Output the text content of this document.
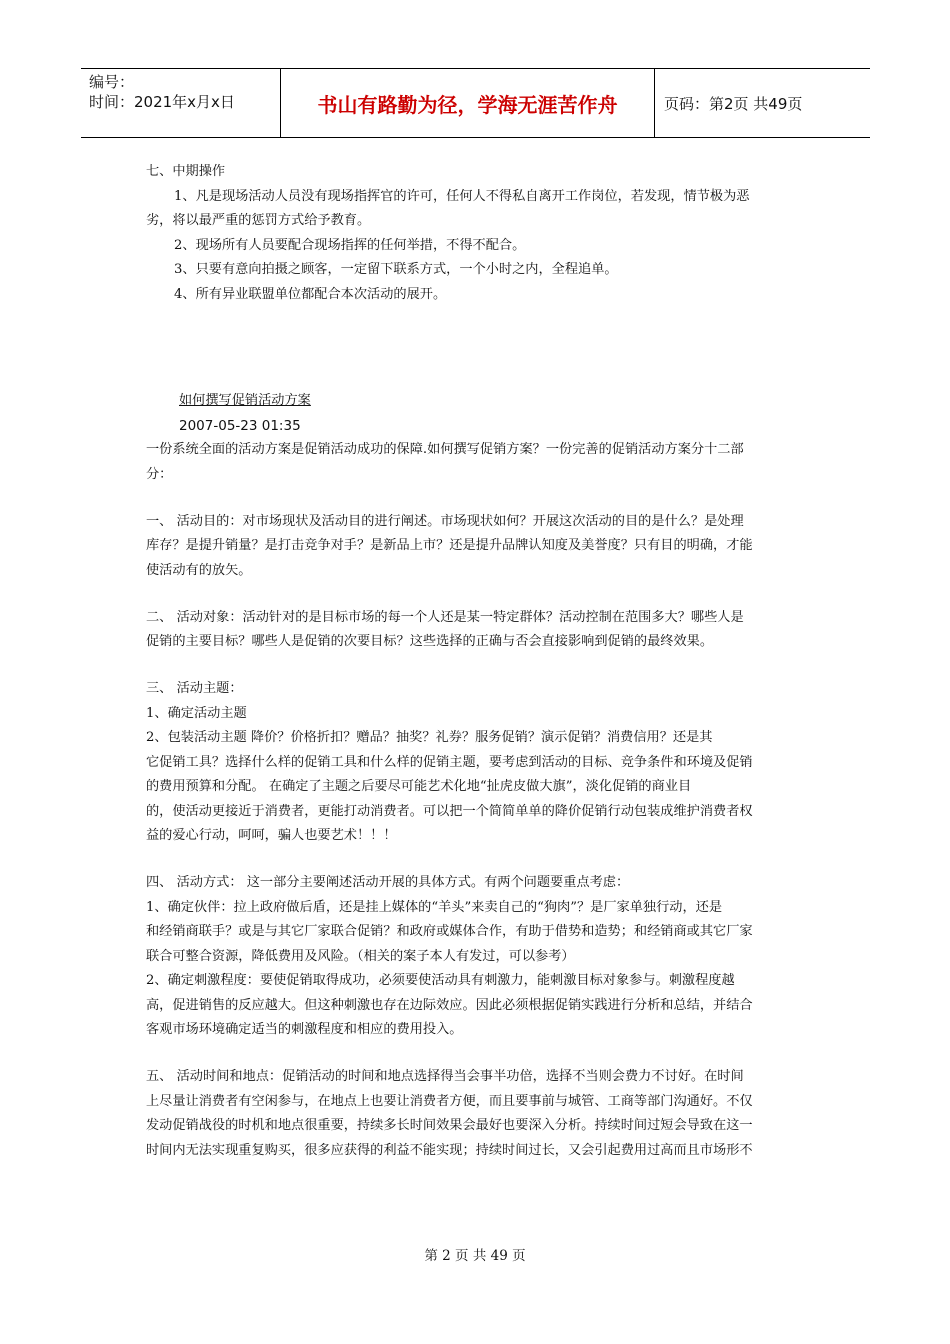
编号：
时间：2021年x月x日	书山有路勤为径，学海无涯苦作舟	页码：第2页 共49页
七、中期操作
1、凡是现场活动人员没有现场指挥官的许可，任何人不得私自离开工作岗位，若发现，情节极为恶
劣，将以最严重的惩罚方式给予教育。
2、现场所有人员要配合现场指挥的任何举措，不得不配合。
3、只要有意向拍摄之顾客，一定留下联系方式，一个小时之内，全程追单。
4、所有异业联盟单位都配合本次活动的展开。
如何撰写促销活动方案
2007-05-23 01:35
一份系统全面的活动方案是促销活动成功的保障.如何撰写促销方案？一份完善的促销活动方案分十二部
分：
一、 活动目的：对市场现状及活动目的进行阐述。市场现状如何？开展这次活动的目的是什么？是处理
库存？是提升销量？是打击竞争对手？是新品上市？还是提升品牌认知度及美誉度？只有目的明确，才能
使活动有的放矢。
二、 活动对象：活动针对的是目标市场的每一个人还是某一特定群体？活动控制在范围多大？哪些人是
促销的主要目标？哪些人是促销的次要目标？这些选择的正确与否会直接影响到促销的最终效果。
三、 活动主题：
1、确定活动主题
2、包装活动主题 降价？价格折扣？赠品？抽奖？礼券？服务促销？演示促销？消费信用？还是其
它促销工具？选择什么样的促销工具和什么样的促销主题，要考虑到活动的目标、竞争条件和环境及促销
的费用预算和分配。 在确定了主题之后要尽可能艺术化地“扯虎皮做大旗”，淡化促销的商业目
的，使活动更接近于消费者，更能打动消费者。可以把一个简简单单的降价促销行动包装成维护消费者权
益的爱心行动，呵呵，骗人也要艺术！！！
四、 活动方式： 这一部分主要阐述活动开展的具体方式。有两个问题要重点考虑：
1、确定伙伴：拉上政府做后盾，还是挂上媒体的“羊头”来卖自己的“狗肉”？是厂家单独行动，还是
和经销商联手？或是与其它厂家联合促销？和政府或媒体合作，有助于借势和造势；和经销商或其它厂家
联合可整合资源，降低费用及风险。（相关的案子本人有发过，可以参考）
2、确定刺激程度：要使促销取得成功，必须要使活动具有刺激力，能刺激目标对象参与。刺激程度越
高，促进销售的反应越大。但这种刺激也存在边际效应。因此必须根据促销实践进行分析和总结，并结合
客观市场环境确定适当的刺激程度和相应的费用投入。
五、 活动时间和地点：促销活动的时间和地点选择得当会事半功倍，选择不当则会费力不讨好。在时间
上尽量让消费者有空闲参与，在地点上也要让消费者方便，而且要事前与城管、工商等部门沟通好。不仅
发动促销战役的时机和地点很重要，持续多长时间效果会最好也要深入分析。持续时间过短会导致在这一
时间内无法实现重复购买，很多应获得的利益不能实现；持续时间过长，又会引起费用过高而且市场形不
第 2 页 共 49 页
